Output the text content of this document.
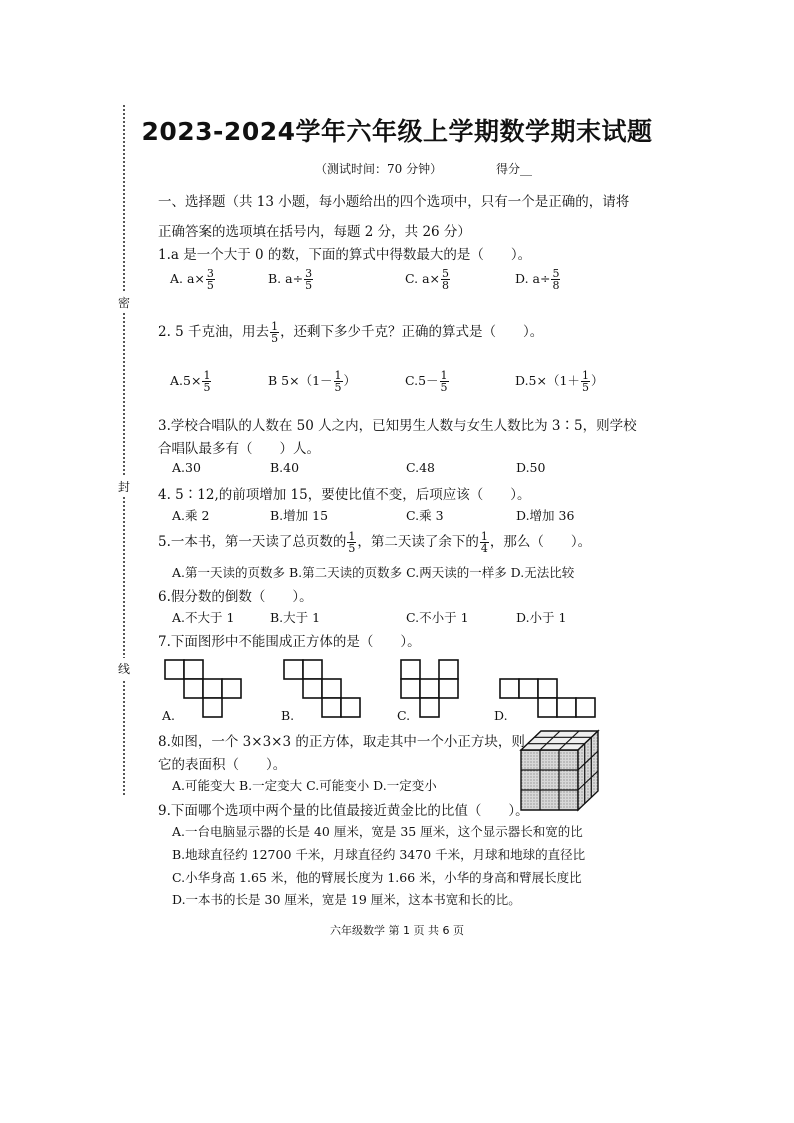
密
封
线
2023-2024学年六年级上学期数学期末试题
（测试时间：70 分钟）	得分__
一、选择题（共 13 小题，每小题给出的四个选项中，只有一个是正确的，请将
正确答案的选项填在括号内，每题 2 分，共 26 分）
1.a 是一个大于 0 的数，下面的算式中得数最大的是（　　）。
A. $a\times \frac{3}{5}$	B. $a\div \frac{3}{5}$	C. $a\times \frac{5}{8}$	D. $a\div \frac{5}{8}$
2. 5 千克油，用去 $\frac{1}{5}$ ，还剩下多少千克？正确的算式是（　　）。
$A.5\times \frac{1}{5}$	B $5\times(1- \frac{1}{5}$ ）	$C.5- \frac{1}{5}$	$D.5\times(1+ \frac{1}{5}$ ）
3.学校合唱队的人数在 50 人之内，已知男生人数与女生人数比为 3∶5，则学校
合唱队最多有（　　）人。
A.30	B.40	C.48	D.50
4. 5∶12,的前项增加 15，要使比值不变，后项应该（　　）。
A.乘 2	B.增加 15	C.乘 3	D.增加 36
5.一本书，第一天读了总页数的 $\frac{1}{5}$ ，第二天读了余下的 $\frac{1}{4}$ ，那么（　　）。
A.第一天读的页数多 B.第二天读的页数多 C.两天读的一样多 D.无法比较
6.假分数的倒数（　　）。
A.不大于 1	B.大于 1	C.不小于 1	D.小于 1
7.下面图形中不能围成正方体的是（　　）。
A.	B.	C.	D.
8.如图，一个 3×3×3 的正方体，取走其中一个小正方块，则
它的表面积（　　）。
A.可能变大 B.一定变大 C.可能变小 D.一定变小
9.下面哪个选项中两个量的比值最接近黄金比的比值（　　）。
A.一台电脑显示器的长是 40 厘米，宽是 35 厘米，这个显示器长和宽的比
B.地球直径约 12700 千米，月球直径约 3470 千米，月球和地球的直径比
C.小华身高 1.65 米，他的臂展长度为 1.66 米，小华的身高和臂展长度比
D.一本书的长是 30 厘米，宽是 19 厘米，这本书宽和长的比。
六年级数学 第 1 页 共 6 页
